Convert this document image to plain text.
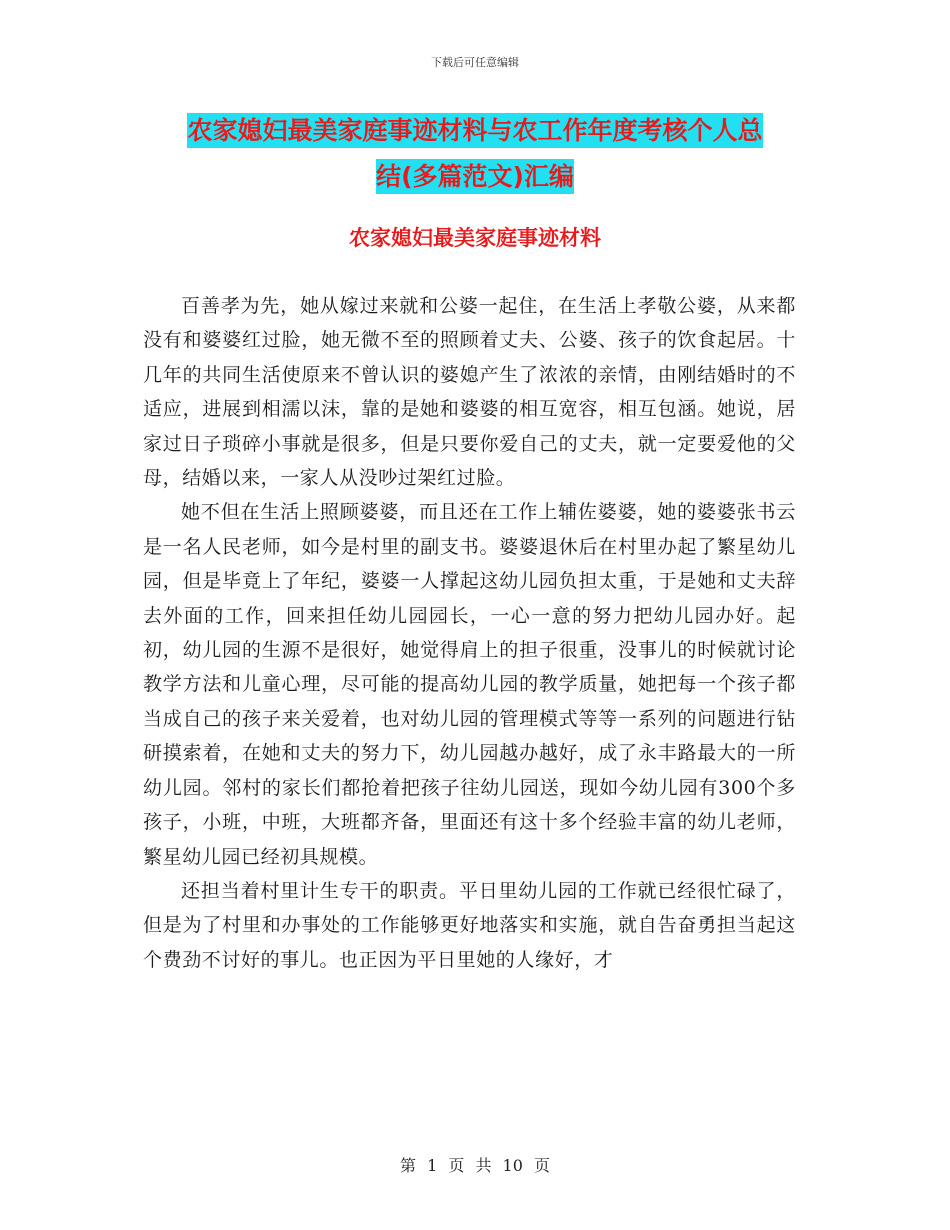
下载后可任意编辑
农家媳妇最美家庭事迹材料与农工作年度考核个人总
结(多篇范文)汇编
农家媳妇最美家庭事迹材料

百善孝为先，她从嫁过来就和公婆一起住，在生活上孝敬公婆，从来都没有和婆婆红过脸，她无微不至的照顾着丈夫、公婆、孩子的饮食起居。十几年的共同生活使原来不曾认识的婆媳产生了浓浓的亲情，由刚结婚时的不适应，进展到相濡以沫，靠的是她和婆婆的相互宽容，相互包涵。她说，居家过日子琐碎小事就是很多，但是只要你爱自己的丈夫，就一定要爱他的父母，结婚以来，一家人从没吵过架红过脸。

她不但在生活上照顾婆婆，而且还在工作上辅佐婆婆，她的婆婆张书云是一名人民老师，如今是村里的副支书。婆婆退休后在村里办起了繁星幼儿园，但是毕竟上了年纪，婆婆一人撑起这幼儿园负担太重，于是她和丈夫辞去外面的工作，回来担任幼儿园园长，一心一意的努力把幼儿园办好。起初，幼儿园的生源不是很好，她觉得肩上的担子很重，没事儿的时候就讨论教学方法和儿童心理，尽可能的提高幼儿园的教学质量，她把每一个孩子都当成自己的孩子来关爱着，也对幼儿园的管理模式等等一系列的问题进行钻研摸索着，在她和丈夫的努力下，幼儿园越办越好，成了永丰路最大的一所幼儿园。邻村的家长们都抢着把孩子往幼儿园送，现如今幼儿园有300个多孩子，小班，中班，大班都齐备，里面还有这十多个经验丰富的幼儿老师，繁星幼儿园已经初具规模。

还担当着村里计生专干的职责。平日里幼儿园的工作就已经很忙碌了，但是为了村里和办事处的工作能够更好地落实和实施，就自告奋勇担当起这个费劲不讨好的事儿。也正因为平日里她的人缘好，才

第 1 页 共 10 页
